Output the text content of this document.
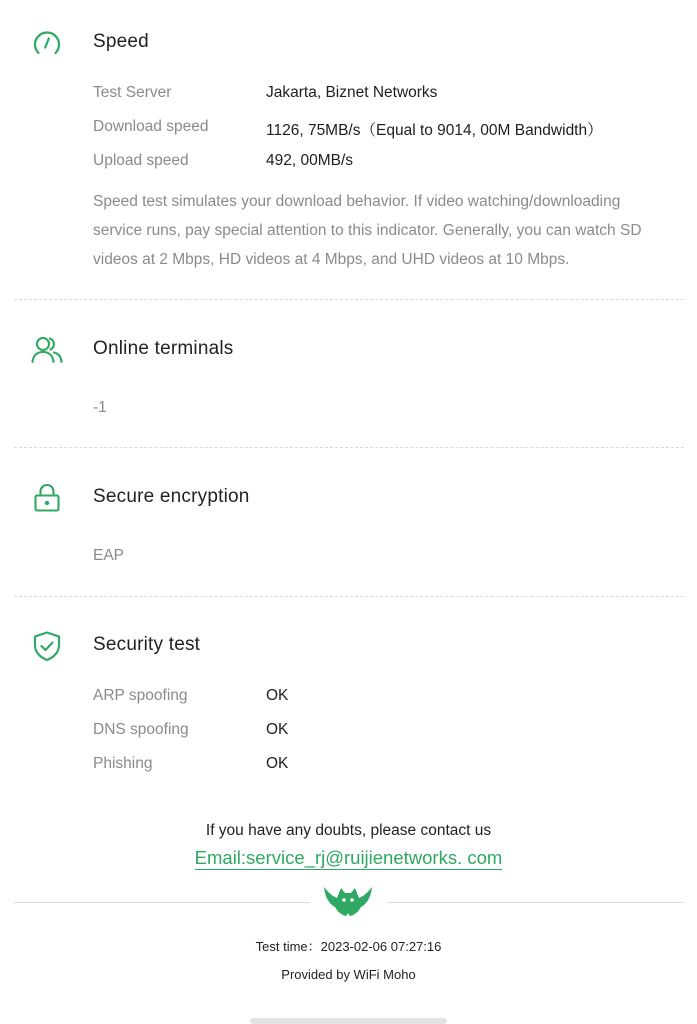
Speed
Test Server	Jakarta, Biznet Networks
Download speed	1126, 75MB/s（Equal to 9014, 00M Bandwidth）
Upload speed	492, 00MB/s
Speed test simulates your download behavior. If video watching/downloading service runs, pay special attention to this indicator. Generally, you can watch SD videos at 2 Mbps, HD videos at 4 Mbps, and UHD videos at 10 Mbps.
Online terminals
-1
Secure encryption
EAP
Security test
ARP spoofing	OK
DNS spoofing	OK
Phishing	OK
If you have any doubts, please contact us
Email:service_rj@ruijienetworks. com
Test time：2023-02-06 07:27:16
Provided by WiFi Moho
